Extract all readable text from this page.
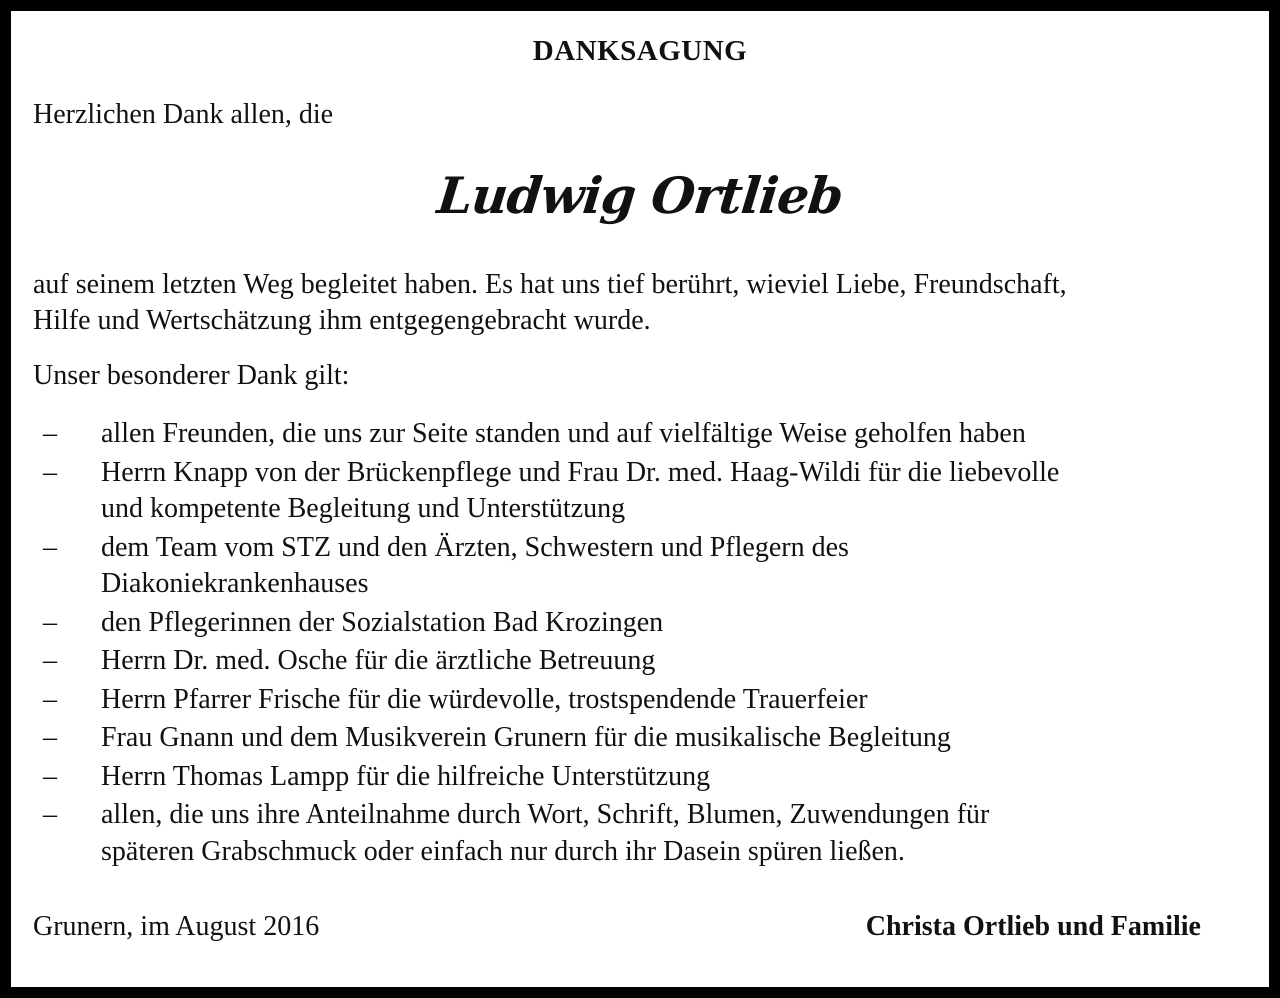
DANKSAGUNG
Herzlichen Dank allen, die
Ludwig Ortlieb
auf seinem letzten Weg begleitet haben. Es hat uns tief berührt, wieviel Liebe, Freundschaft,
Hilfe und Wertschätzung ihm entgegengebracht wurde.
Unser besonderer Dank gilt:
– allen Freunden, die uns zur Seite standen und auf vielfältige Weise geholfen haben
– Herrn Knapp von der Brückenpflege und Frau Dr. med. Haag-Wildi für die liebevolle
und kompetente Begleitung und Unterstützung
– dem Team vom STZ und den Ärzten, Schwestern und Pflegern des
Diakoniekrankenhauses
– den Pflegerinnen der Sozialstation Bad Krozingen
– Herrn Dr. med. Osche für die ärztliche Betreuung
– Herrn Pfarrer Frische für die würdevolle, trostspendende Trauerfeier
– Frau Gnann und dem Musikverein Grunern für die musikalische Begleitung
– Herrn Thomas Lampp für die hilfreiche Unterstützung
– allen, die uns ihre Anteilnahme durch Wort, Schrift, Blumen, Zuwendungen für
späteren Grabschmuck oder einfach nur durch ihr Dasein spüren ließen.
Grunern, im August 2016	Christa Ortlieb und Familie
